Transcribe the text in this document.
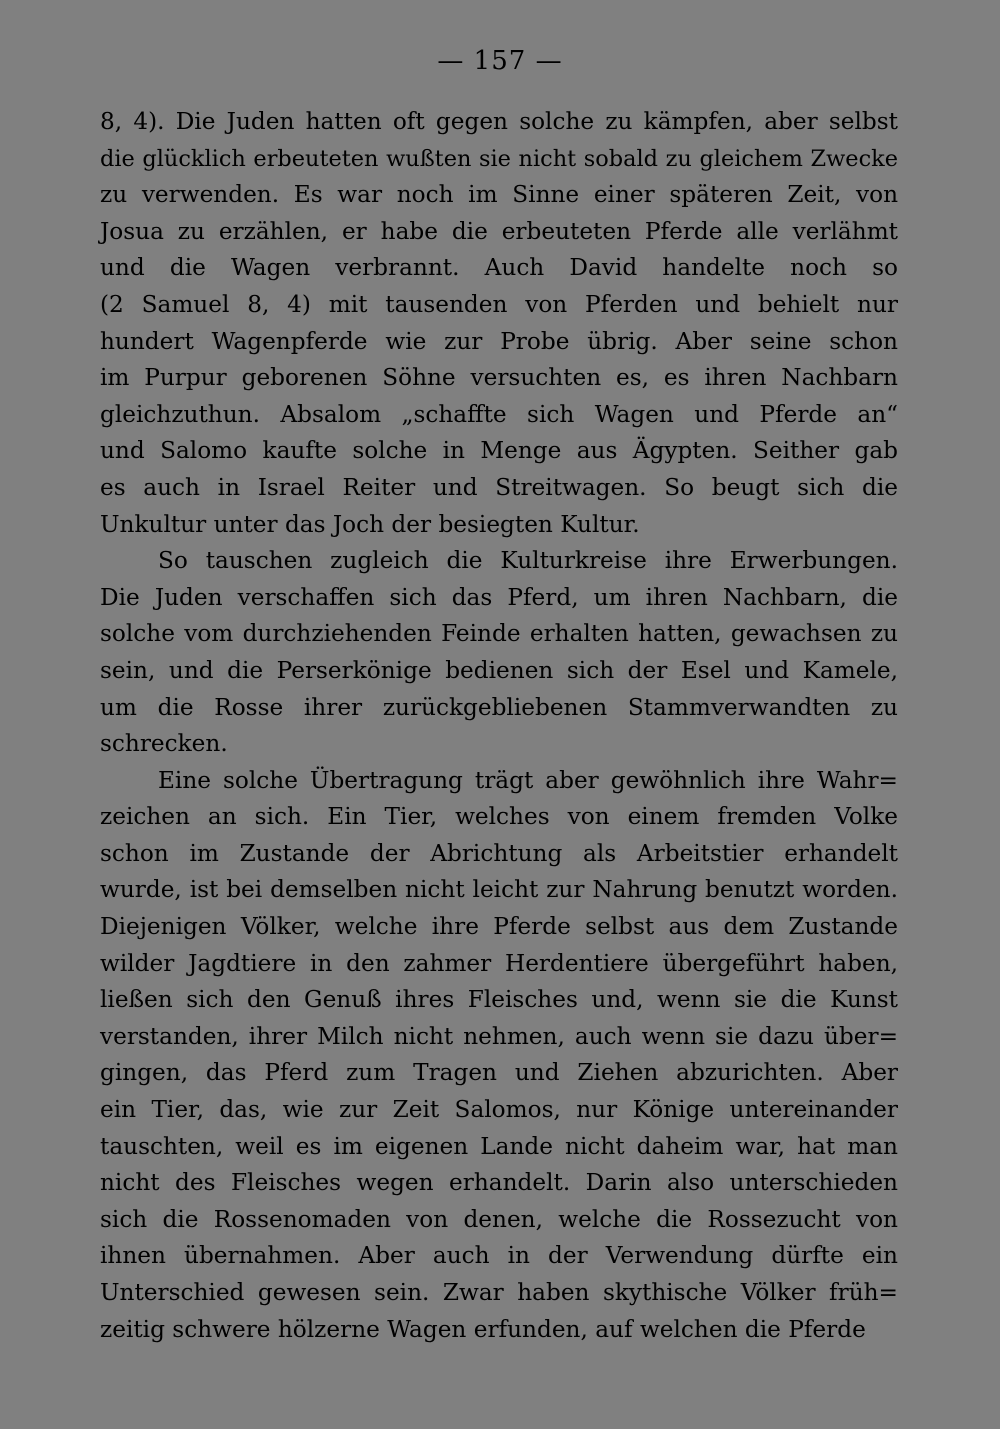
— 157 —
8, 4). Die Juden hatten oft gegen solche zu kämpfen, aber selbst
die glücklich erbeuteten wußten sie nicht sobald zu gleichem Zwecke
zu verwenden. Es war noch im Sinne einer späteren Zeit, von
Josua zu erzählen, er habe die erbeuteten Pferde alle verlähmt
und die Wagen verbrannt. Auch David handelte noch so
(2 Samuel 8, 4) mit tausenden von Pferden und behielt nur
hundert Wagenpferde wie zur Probe übrig. Aber seine schon
im Purpur geborenen Söhne versuchten es, es ihren Nachbarn
gleichzuthun. Absalom „schaffte sich Wagen und Pferde an“
und Salomo kaufte solche in Menge aus Ägypten. Seither gab
es auch in Israel Reiter und Streitwagen. So beugt sich die
Unkultur unter das Joch der besiegten Kultur.
So tauschen zugleich die Kulturkreise ihre Erwerbungen.
Die Juden verschaffen sich das Pferd, um ihren Nachbarn, die
solche vom durchziehenden Feinde erhalten hatten, gewachsen zu
sein, und die Perserkönige bedienen sich der Esel und Kamele,
um die Rosse ihrer zurückgebliebenen Stammverwandten zu
schrecken.
Eine solche Übertragung trägt aber gewöhnlich ihre Wahr=
zeichen an sich. Ein Tier, welches von einem fremden Volke
schon im Zustande der Abrichtung als Arbeitstier erhandelt
wurde, ist bei demselben nicht leicht zur Nahrung benutzt worden.
Diejenigen Völker, welche ihre Pferde selbst aus dem Zustande
wilder Jagdtiere in den zahmer Herdentiere übergeführt haben,
ließen sich den Genuß ihres Fleisches und, wenn sie die Kunst
verstanden, ihrer Milch nicht nehmen, auch wenn sie dazu über=
gingen, das Pferd zum Tragen und Ziehen abzurichten. Aber
ein Tier, das, wie zur Zeit Salomos, nur Könige untereinander
tauschten, weil es im eigenen Lande nicht daheim war, hat man
nicht des Fleisches wegen erhandelt. Darin also unterschieden
sich die Rossenomaden von denen, welche die Rossezucht von
ihnen übernahmen. Aber auch in der Verwendung dürfte ein
Unterschied gewesen sein. Zwar haben skythische Völker früh=
zeitig schwere hölzerne Wagen erfunden, auf welchen die Pferde
